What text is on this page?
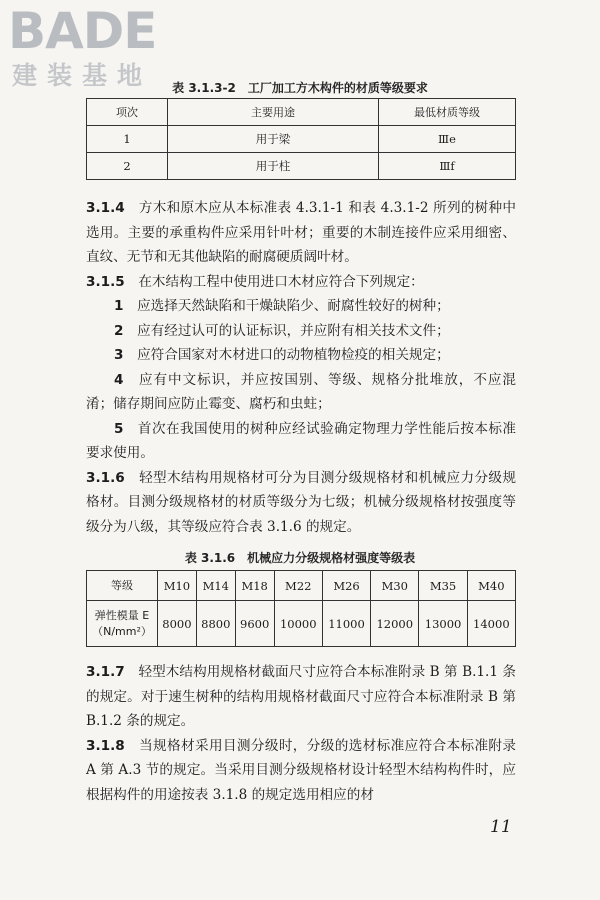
BADE
建装基地	表 3.1.3-2　工厂加工方木构件的材质等级要求
项次	主要用途	最低材质等级
1	用于梁	Ⅲe
2	用于柱	Ⅲf

3.1.4　 方木和原木应从本标准表 4.3.1-1 和表 4.3.1-2 所列的树种中选用。主要的承重构件应采用针叶材；重要的木制连接件应采用细密、直纹、无节和无其他缺陷的耐腐硬质阔叶材。

3.1.5　 在木结构工程中使用进口木材应符合下列规定：

1　 应选择天然缺陷和干燥缺陷少、耐腐性较好的树种；

2　 应有经过认可的认证标识，并应附有相关技术文件；

3　 应符合国家对木材进口的动物植物检疫的相关规定；

4　 应有中文标识，并应按国别、等级、规格分批堆放，不应混淆；储存期间应防止霉变、腐朽和虫蛀；

5　 首次在我国使用的树种应经试验确定物理力学性能后按本标准要求使用。

3.1.6　 轻型木结构用规格材可分为目测分级规格材和机械应力分级规格材。目测分级规格材的材质等级分为七级；机械分级规格材按强度等级分为八级，其等级应符合表 3.1.6 的规定。

表 3.1.6　机械应力分级规格材强度等级表
等级	M10	M14	M18	M22	M26	M30	M35	M40

弹性模量 E
（N/mm²）	8000	8800	9600	10000	11000	12000	13000	14000

3.1.7　 轻型木结构用规格材截面尺寸应符合本标准附录 B 第 B.1.1 条的规定。对于速生树种的结构用规格材截面尺寸应符合本标准附录 B 第 B.1.2 条的规定。

3.1.8　 当规格材采用目测分级时，分级的选材标准应符合本标准附录 A 第 A.3 节的规定。当采用目测分级规格材设计轻型木结构构件时，应根据构件的用途按表 3.1.8 的规定选用相应的材

11
